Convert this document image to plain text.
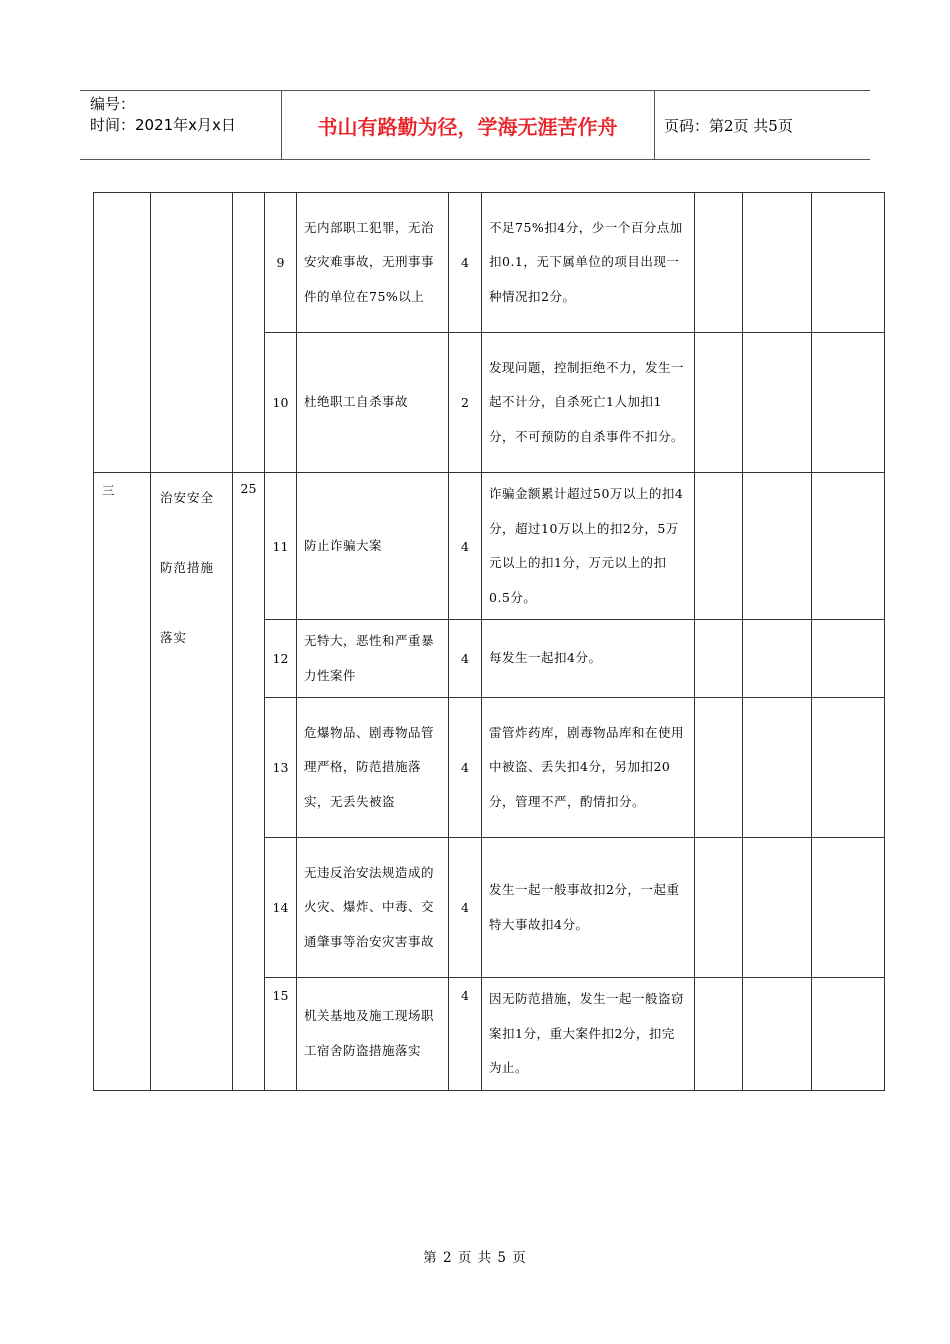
编号：
时间：2021年x月x日	书山有路勤为径，学海无涯苦作舟	页码：第2页 共5页
			9	无内部职工犯罪，无治安灾难事故，无刑事事件的单位在75%以上	4	不足75%扣4分，少一个百分点加扣0.1，无下属单位的项目出现一种情况扣2分。			

			10	杜绝职工自杀事故	2	发现问题，控制拒绝不力，发生一起不计分，自杀死亡1人加扣1分，不可预防的自杀事件不扣分。			

三	治安安全
防范措施
落实	25	11	防止诈骗大案	4	诈骗金额累计超过50万以上的扣4分，超过10万以上的扣2分，5万元以上的扣1分，万元以上的扣0.5分。			

			12	无特大，恶性和严重暴力性案件	4	每发生一起扣4分。			

			13	危爆物品、剧毒物品管理严格，防范措施落实，无丢失被盗	4	雷管炸药库，剧毒物品库和在使用中被盗、丢失扣4分，另加扣20分，管理不严，酌情扣分。			

			14	无违反治安法规造成的火灾、爆炸、中毒、交通肇事等治安灾害事故	4	发生一起一般事故扣2分，一起重特大事故扣4分。			

			15	机关基地及施工现场职工宿舍防盗措施落实	4	因无防范措施，发生一起一般盗窃案扣1分，重大案件扣2分，扣完为止。			

第 2 页 共 5 页
